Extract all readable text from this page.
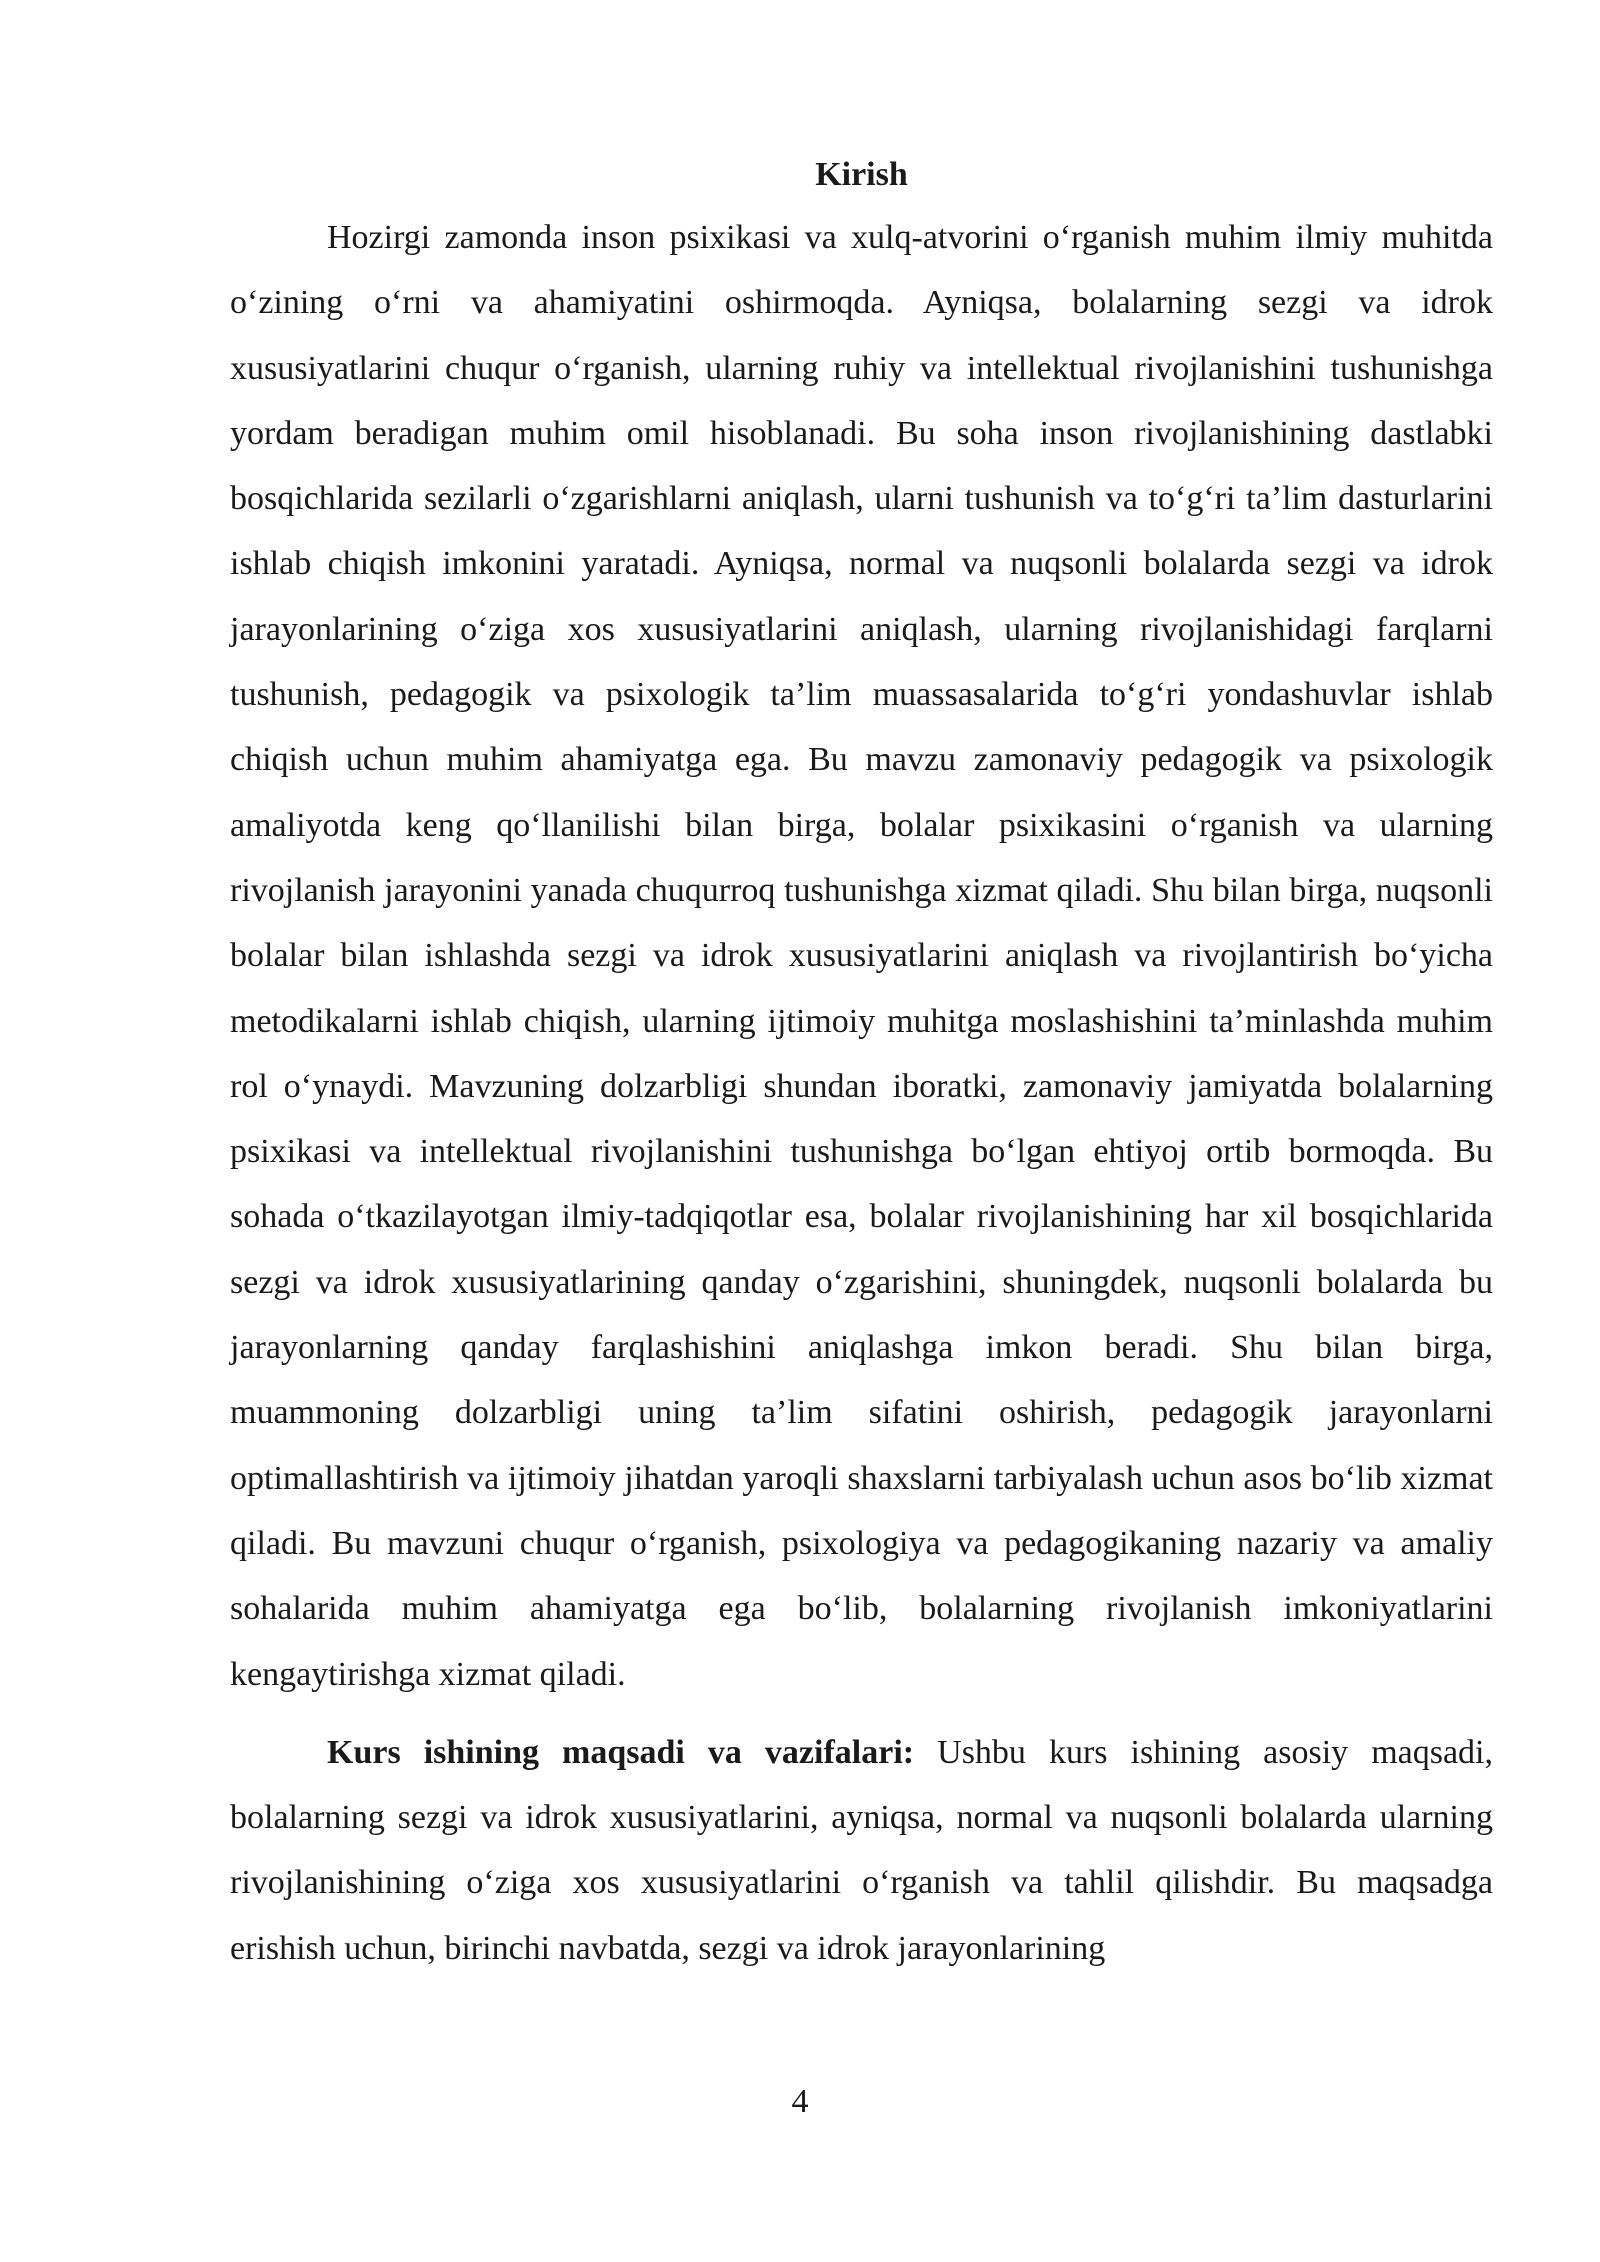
Kirish

Hozirgi zamonda inson psixikasi va xulq-atvorini o‘rganish muhim ilmiy muhitda o‘zining o‘rni va ahamiyatini oshirmoqda. Ayniqsa, bolalarning sezgi va idrok xususiyatlarini chuqur o‘rganish, ularning ruhiy va intellektual rivojlanishini tushunishga yordam beradigan muhim omil hisoblanadi. Bu soha inson rivojlanishining dastlabki bosqichlarida sezilarli o‘zgarishlarni aniqlash, ularni tushunish va to‘g‘ri ta’lim dasturlarini ishlab chiqish imkonini yaratadi. Ayniqsa, normal va nuqsonli bolalarda sezgi va idrok jarayonlarining o‘ziga xos xususiyatlarini aniqlash, ularning rivojlanishidagi farqlarni tushunish, pedagogik va psixologik ta’lim muassasalarida to‘g‘ri yondashuvlar ishlab chiqish uchun muhim ahamiyatga ega. Bu mavzu zamonaviy pedagogik va psixologik amaliyotda keng qo‘llanilishi bilan birga, bolalar psixikasini o‘rganish va ularning rivojlanish jarayonini yanada chuqurroq tushunishga xizmat qiladi. Shu bilan birga, nuqsonli bolalar bilan ishlashda sezgi va idrok xususiyatlarini aniqlash va rivojlantirish bo‘yicha metodikalarni ishlab chiqish, ularning ijtimoiy muhitga moslashishini ta’minlashda muhim rol o‘ynaydi. Mavzuning dolzarbligi shundan iboratki, zamonaviy jamiyatda bolalarning psixikasi va intellektual rivojlanishini tushunishga bo‘lgan ehtiyoj ortib bormoqda. Bu sohada o‘tkazilayotgan ilmiy-tadqiqotlar esa, bolalar rivojlanishining har xil bosqichlarida sezgi va idrok xususiyatlarining qanday o‘zgarishini, shuningdek, nuqsonli bolalarda bu jarayonlarning qanday farqlashishini aniqlashga imkon beradi. Shu bilan birga, muammoning dolzarbligi uning ta’lim sifatini oshirish, pedagogik jarayonlarni optimallashtirish va ijtimoiy jihatdan yaroqli shaxslarni tarbiyalash uchun asos bo‘lib xizmat qiladi. Bu mavzuni chuqur o‘rganish, psixologiya va pedagogikaning nazariy va amaliy sohalarida muhim ahamiyatga ega bo‘lib, bolalarning rivojlanish imkoniyatlarini kengaytirishga xizmat qiladi.

Kurs ishining maqsadi va vazifalari: Ushbu kurs ishining asosiy maqsadi, bolalarning sezgi va idrok xususiyatlarini, ayniqsa, normal va nuqsonli bolalarda ularning rivojlanishining o‘ziga xos xususiyatlarini o‘rganish va tahlil qilishdir. Bu maqsadga erishish uchun, birinchi navbatda, sezgi va idrok jarayonlarining

4
